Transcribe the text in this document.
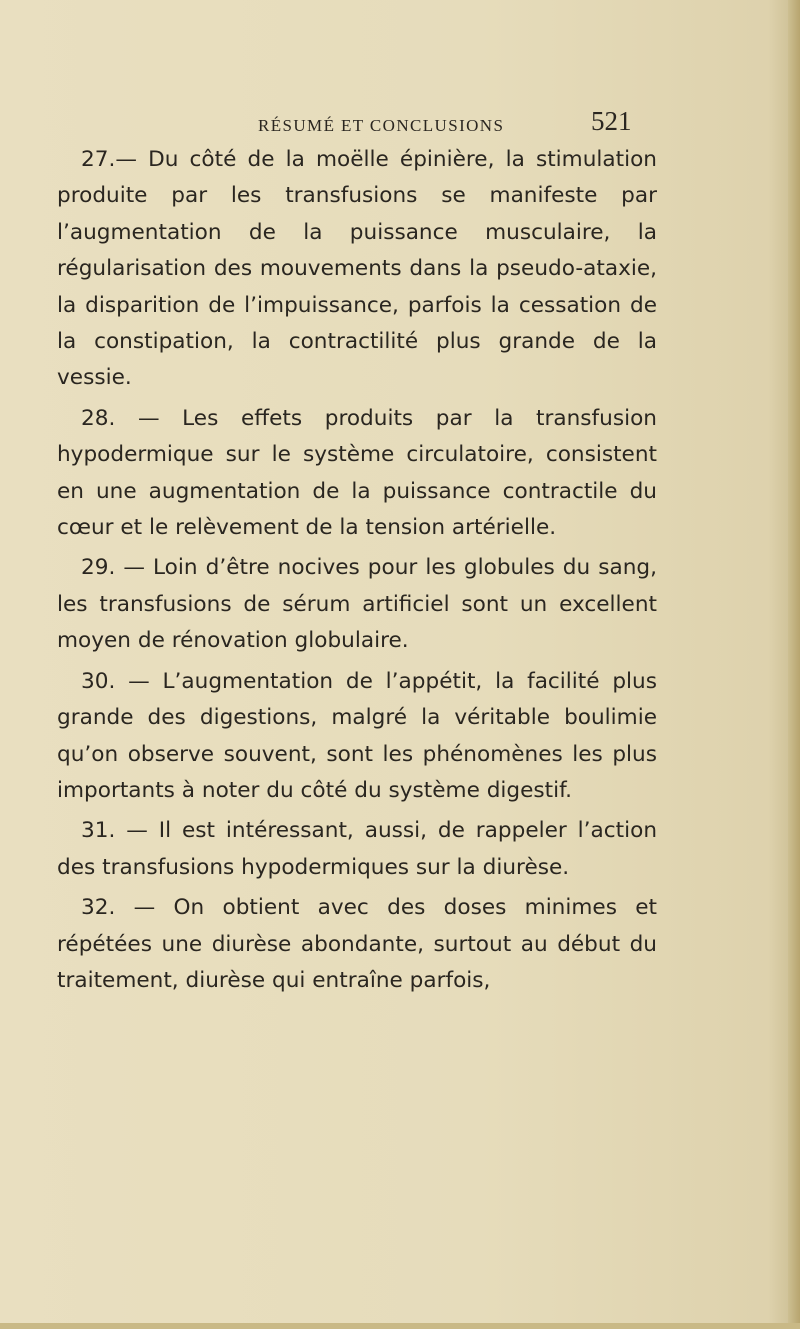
RÉSUMÉ ET CONCLUSIONS	521

27.— Du côté de la moëlle épinière, la stimulation produite par les transfusions se manifeste par l’augmentation de la puissance musculaire, la régularisation des mouvements dans la pseudo-ataxie, la disparition de l’impuissance, parfois la cessation de la constipation, la contractilité plus grande de la vessie.

28. — Les effets produits par la transfusion hypodermique sur le système circulatoire, consistent en une augmentation de la puissance contractile du cœur et le relèvement de la tension artérielle.

29. — Loin d’être nocives pour les globules du sang, les transfusions de sérum artificiel sont un excellent moyen de rénovation globulaire.

30. — L’augmentation de l’appétit, la facilité plus grande des digestions, malgré la véritable boulimie qu’on observe souvent, sont les phénomènes les plus importants à noter du côté du système digestif.

31. — Il est intéressant, aussi, de rappeler l’action des transfusions hypodermiques sur la diurèse.

32. — On obtient avec des doses minimes et répétées une diurèse abondante, surtout au début du traitement, diurèse qui entraîne parfois,
